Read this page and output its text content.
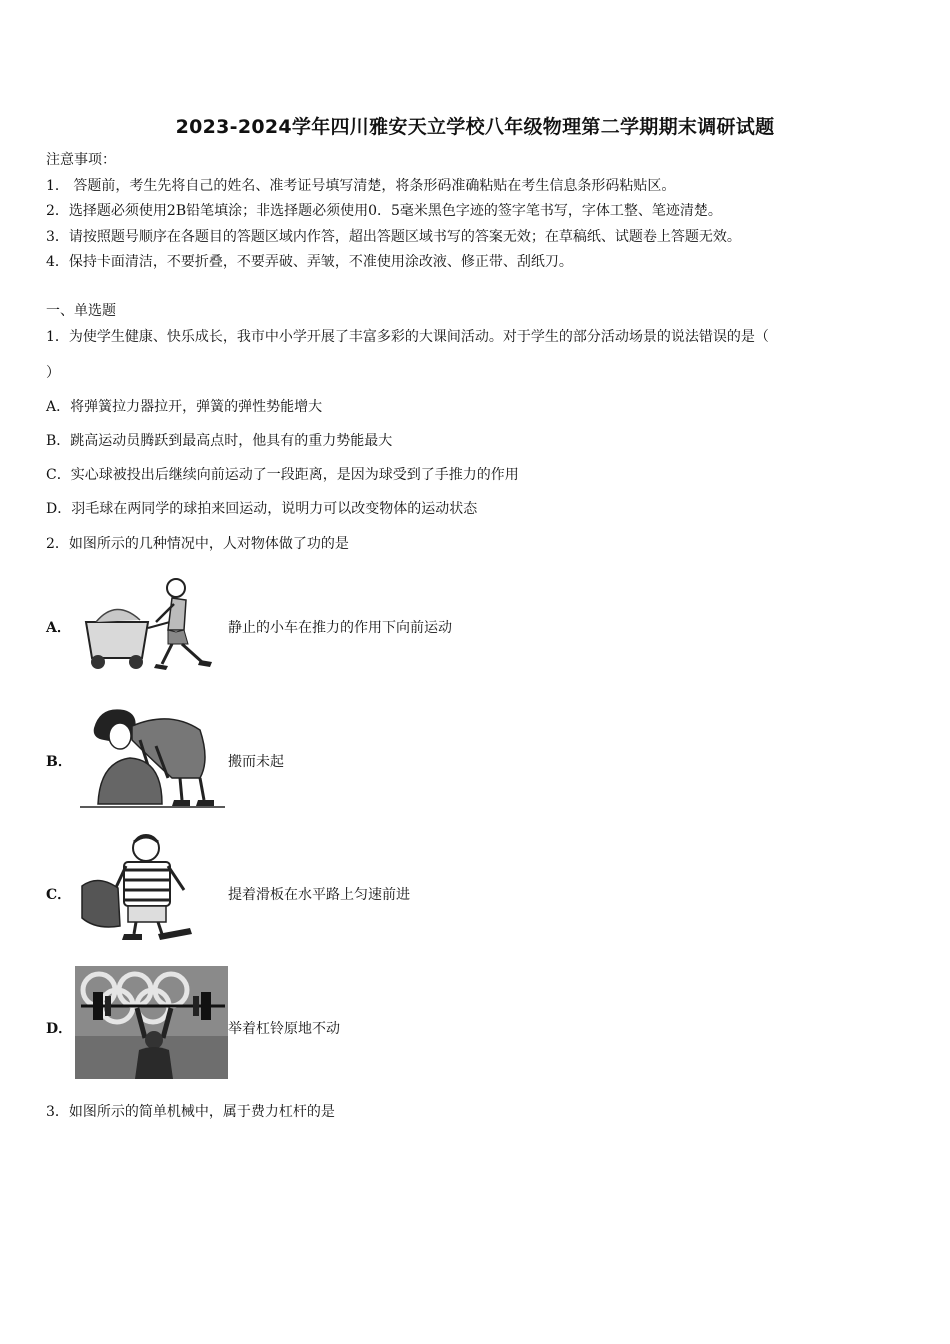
2023-2024学年四川雅安天立学校八年级物理第二学期期末调研试题
注意事项：
1． 答题前，考生先将自己的姓名、准考证号填写清楚，将条形码准确粘贴在考生信息条形码粘贴区。
2．选择题必须使用2B铅笔填涂；非选择题必须使用0．5毫米黑色字迹的签字笔书写，字体工整、笔迹清楚。
3．请按照题号顺序在各题目的答题区域内作答，超出答题区域书写的答案无效；在草稿纸、试题卷上答题无效。
4．保持卡面清洁，不要折叠，不要弄破、弄皱，不准使用涂改液、修正带、刮纸刀。
一、单选题
1．为使学生健康、快乐成长，我市中小学开展了丰富多彩的大课间活动。对于学生的部分活动场景的说法错误的是（
）
A．将弹簧拉力器拉开，弹簧的弹性势能增大
B．跳高运动员腾跃到最高点时，他具有的重力势能最大
C．实心球被投出后继续向前运动了一段距离，是因为球受到了手推力的作用
D．羽毛球在两同学的球拍来回运动，说明力可以改变物体的运动状态
2．如图所示的几种情况中，人对物体做了功的是
A．	静止的小车在推力的作用下向前运动
B．	搬而未起
C．	提着滑板在水平路上匀速前进
D．	举着杠铃原地不动
3．如图所示的简单机械中，属于费力杠杆的是
